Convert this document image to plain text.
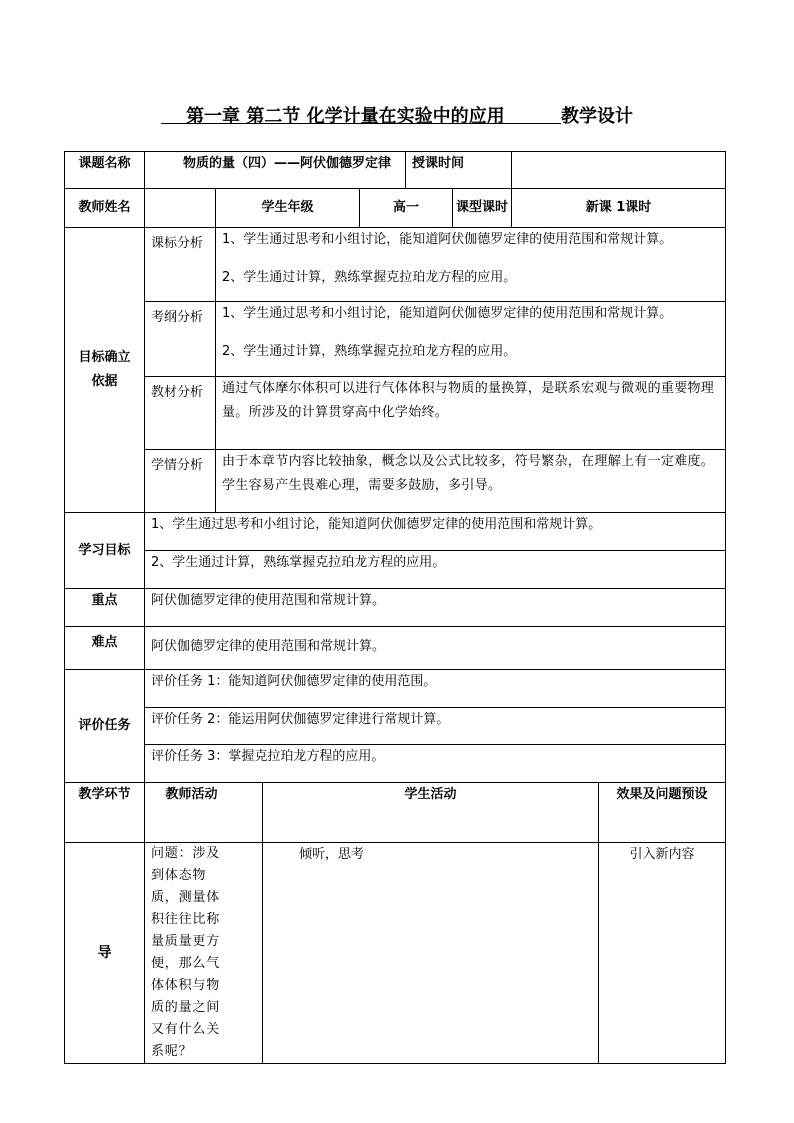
第一章 第二节 化学计量在实验中的应用	教学设计
课题名称	物质的量（四）——阿伏伽德罗定律				授课时间			
教师姓名		学生年级		高一		课型课时	新课 1课时	
目标确立依据	课标分析	1、学生通过思考和小组讨论，能知道阿伏伽德罗定律的使用范围和常规计算。

2、学生通过计算，熟练掌握克拉珀龙方程的应用。						

	考纲分析	1、学生通过思考和小组讨论，能知道阿伏伽德罗定律的使用范围和常规计算。

2、学生通过计算，熟练掌握克拉珀龙方程的应用。						

	教材分析	通过气体摩尔体积可以进行气体体积与物质的量换算，是联系宏观与微观的重要物理量。所涉及的计算贯穿高中化学始终。						
	学情分析	由于本章节内容比较抽象，概念以及公式比较多，符号繁杂，在理解上有一定难度。学生容易产生畏难心理，需要多鼓励，多引导。						
学习目标	1、学生通过思考和小组讨论，能知道阿伏伽德罗定律的使用范围和常规计算。							
	2、学生通过计算，熟练掌握克拉珀龙方程的应用。							
重点	阿伏伽德罗定律的使用范围和常规计算。							
难点	阿伏伽德罗定律的使用范围和常规计算。							
评价任务	评价任务 1：能知道阿伏伽德罗定律的使用范围。							
	评价任务 2：能运用阿伏伽德罗定律进行常规计算。							
	评价任务 3：掌握克拉珀龙方程的应用。							
教学环节	教师活动		学生活动					效果及问题预设
导	问题：涉及到体态物质，测量体积往往比称量质量更方便，那么气体体积与物质的量之间又有什么关系呢？		倾听，思考					引入新内容
